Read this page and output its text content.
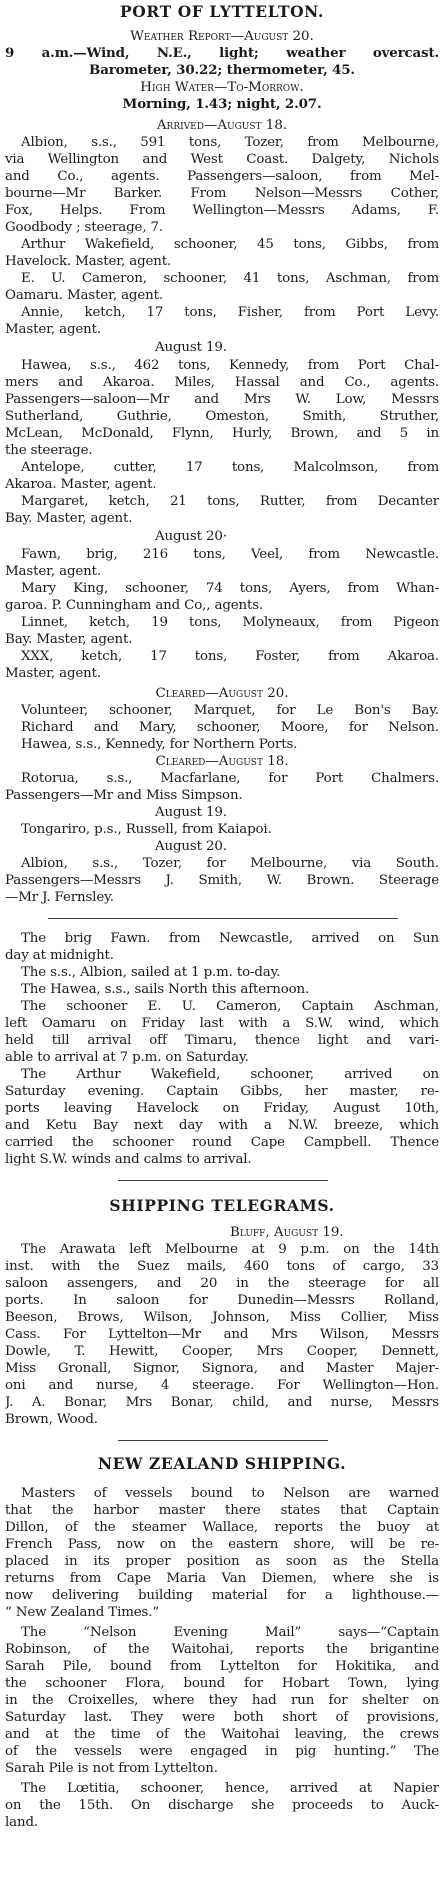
PORT OF LYTTELTON.
Weather Report—August 20.
9 a.m.—Wind, N.E., light; weather overcast.
Barometer, 30.22; thermometer, 45.
High Water—To-Morrow.
Morning, 1.43; night, 2.07.
Arrived—August 18.
Albion, s.s., 591 tons, Tozer, from Melbourne,
via Wellington and West Coast. Dalgety, Nichols
and Co., agents. Passengers—saloon, from Mel-
bourne—Mr Barker. From Nelson—Messrs Cother,
Fox, Helps. From Wellington—Messrs Adams, F.
Goodbody ; steerage, 7.
Arthur Wakefield, schooner, 45 tons, Gibbs, from
Havelock. Master, agent.
E. U. Cameron, schooner, 41 tons, Aschman, from
Oamaru. Master, agent.
Annie, ketch, 17 tons, Fisher, from Port Levy.
Master, agent.
August 19.
Hawea, s.s., 462 tons, Kennedy, from Port Chal-
mers and Akaroa. Miles, Hassal and Co., agents.
Passengers—saloon—Mr and Mrs W. Low, Messrs
Sutherland, Guthrie, Omeston, Smith, Struther,
McLean, McDonald, Flynn, Hurly, Brown, and 5 in
the steerage.
Antelope, cutter, 17 tons, Malcolmson, from
Akaroa. Master, agent.
Margaret, ketch, 21 tons, Rutter, from Decanter
Bay. Master, agent.
August 20·
Fawn, brig, 216 tons, Veel, from Newcastle.
Master, agent.
Mary King, schooner, 74 tons, Ayers, from Whan-
garoa. P. Cunningham and Co,, agents.
Linnet, ketch, 19 tons, Molyneaux, from Pigeon
Bay. Master, agent.
XXX, ketch, 17 tons, Foster, from Akaroa.
Master, agent.
Cleared—August 20.
Volunteer, schooner, Marquet, for Le Bon's Bay.
Richard and Mary, schooner, Moore, for Nelson.
Hawea, s.s., Kennedy, for Northern Ports.
Cleared—August 18.
Rotorua, s.s., Macfarlane, for Port Chalmers.
Passengers—Mr and Miss Simpson.
August 19.
Tongariro, p.s., Russell, from Kaiapoi.
August 20.
Albion, s.s., Tozer, for Melbourne, via South.
Passengers—Messrs J. Smith, W. Brown. Steerage
—Mr J. Fernsley.
The brig Fawn. from Newcastle, arrived on Sun
day at midnight.
The s.s., Albion, sailed at 1 p.m. to-day.
The Hawea, s.s., sails North this afternoon.
The schooner E. U. Cameron, Captain Aschman,
left Oamaru on Friday last with a S.W. wind, which
held till arrival off Timaru, thence light and vari-
able to arrival at 7 p.m. on Saturday.
The Arthur Wakefield, schooner, arrived on
Saturday evening. Captain Gibbs, her master, re-
ports leaving Havelock on Friday, August 10th,
and Ketu Bay next day with a N.W. breeze, which
carried the schooner round Cape Campbell. Thence
light S.W. winds and calms to arrival.
SHIPPING TELEGRAMS.
Bluff, August 19.
The Arawata left Melbourne at 9 p.m. on the 14th
inst. with the Suez mails, 460 tons of cargo, 33
saloon assengers, and 20 in the steerage for all
ports. In saloon for Dunedin—Messrs Rolland,
Beeson, Brows, Wilson, Johnson, Miss Collier, Miss
Cass. For Lyttelton—Mr and Mrs Wilson, Messrs
Dowle, T. Hewitt, Cooper, Mrs Cooper, Dennett,
Miss Gronall, Signor, Signora, and Master Majer-
oni and nurse, 4 steerage. For Wellington—Hon.
J. A. Bonar, Mrs Bonar, child, and nurse, Messrs
Brown, Wood.
NEW ZEALAND SHIPPING.
Masters of vessels bound to Nelson are warned
that the harbor master there states that Captain
Dillon, of the steamer Wallace, reports the buoy at
French Pass, now on the eastern shore, will be re-
placed in its proper position as soon as the Stella
returns from Cape Maria Van Diemen, where she is
now delivering building material for a lighthouse.—
“ New Zealand Times.”
The “Nelson Evening Mail” says—“Captain
Robinson, of the Waitohai, reports the brigantine
Sarah Pile, bound from Lyttelton for Hokitika, and
the schooner Flora, bound for Hobart Town, lying
in the Croixelles, where they had run for shelter on
Saturday last. They were both short of provisions,
and at the time of the Waitohai leaving, the crews
of the vessels were engaged in pig hunting.” The
Sarah Pile is not from Lyttelton.
The Lœtitia, schooner, hence, arrived at Napier
on the 15th. On discharge she proceeds to Auck-
land.
